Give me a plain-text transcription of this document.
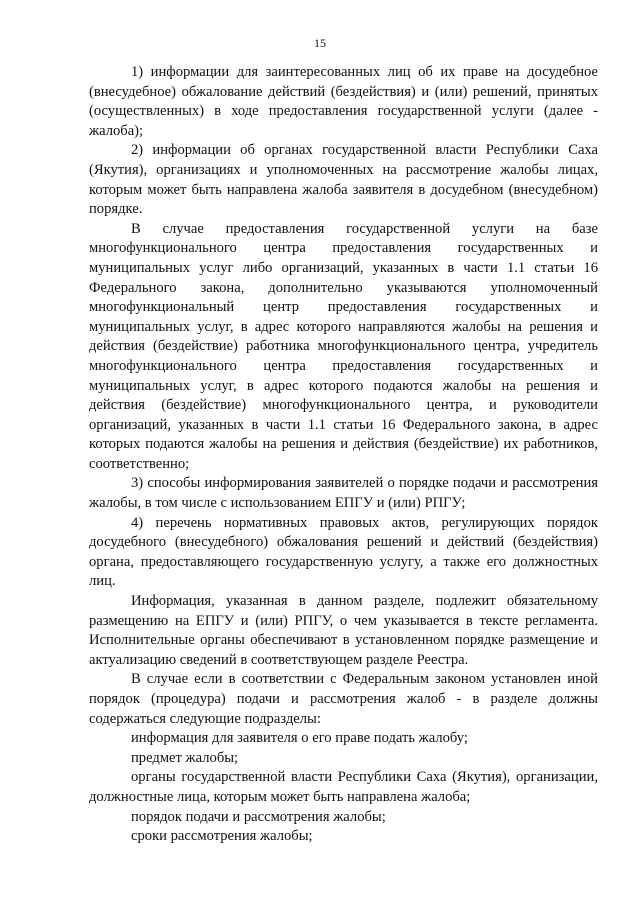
15

1) информации для заинтересованных лиц об их праве на досудебное (внесудебное) обжалование действий (бездействия) и (или) решений, принятых (осуществленных) в ходе предоставления государственной услуги (далее - жалоба);

2) информации об органах государственной власти Республики Саха (Якутия), организациях и уполномоченных на рассмотрение жалобы лицах, которым может быть направлена жалоба заявителя в досудебном (внесудебном) порядке.

В случае предоставления государственной услуги на базе многофункционального центра предоставления государственных и муниципальных услуг либо организаций, указанных в части 1.1 статьи 16 Федерального закона, дополнительно указываются уполномоченный многофункциональный центр предоставления государственных и муниципальных услуг, в адрес которого направляются жалобы на решения и действия (бездействие) работника многофункционального центра, учредитель многофункционального центра предоставления государственных и муниципальных услуг, в адрес которого подаются жалобы на решения и действия (бездействие) многофункционального центра, и руководители организаций, указанных в части 1.1 статьи 16 Федерального закона, в адрес которых подаются жалобы на решения и действия (бездействие) их работников, соответственно;

3) способы информирования заявителей о порядке подачи и рассмотрения жалобы, в том числе с использованием ЕПГУ и (или) РПГУ;

4) перечень нормативных правовых актов, регулирующих порядок досудебного (внесудебного) обжалования решений и действий (бездействия) органа, предоставляющего государственную услугу, а также его должностных лиц.

Информация, указанная в данном разделе, подлежит обязательному размещению на ЕПГУ и (или) РПГУ, о чем указывается в тексте регламента. Исполнительные органы обеспечивают в установленном порядке размещение и актуализацию сведений в соответствующем разделе Реестра.

В случае если в соответствии с Федеральным законом установлен иной порядок (процедура) подачи и рассмотрения жалоб - в разделе должны содержаться следующие подразделы:

информация для заявителя о его праве подать жалобу;

предмет жалобы;

органы государственной власти Республики Саха (Якутия), организации, должностные лица, которым может быть направлена жалоба;

порядок подачи и рассмотрения жалобы;

сроки рассмотрения жалобы;
